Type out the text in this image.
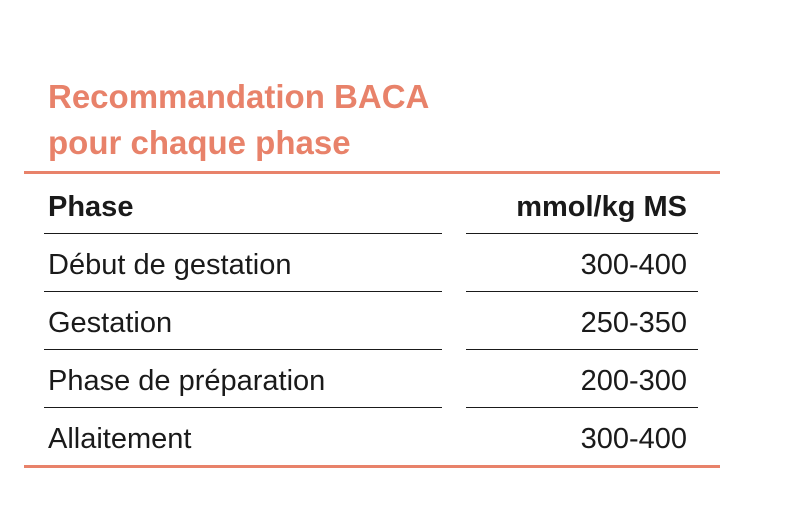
Recommandation BACA
pour chaque phase
Phase	mmol/kg MS
Début de gestation	300-400
Gestation	250-350
Phase de préparation	200-300
Allaitement	300-400
